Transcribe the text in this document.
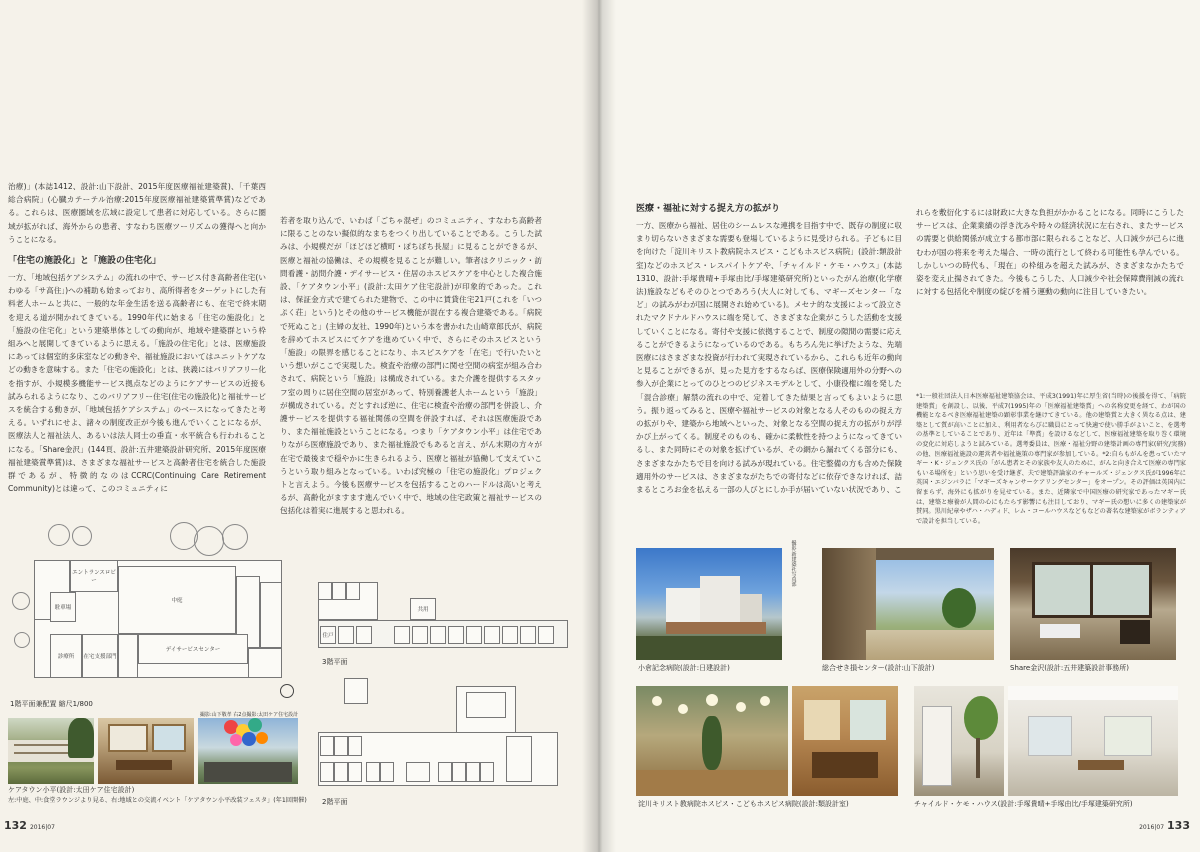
治療)」(本誌1412、設計:山下設計、2015年度医療福祉建築賞)、「千葉西総合病院」(心臓カテーテル治療:2015年度医療福祉建築賞準賞)などである。これらは、医療圏域を広域に設定して患者に対応している。さらに圏域が拡がれば、海外からの患者、すなわち医療ツーリズムの獲得へと向かうことになる。

「住宅の施設化」と「施設の住宅化」

一方、「地域包括ケアシステム」の流れの中で、サービス付き高齢者住宅(いわゆる「サ高住」)への補助も始まっており、高所得者をターゲットにした有料老人ホームと共に、一般的な年金生活を送る高齢者にも、在宅で終末期を迎える道が開かれてきている。1990年代に始まる「住宅の施設化」と「施設の住宅化」という建築単体としての動向が、地域や建築群という枠組みへと展開してきているように思える。「施設の住宅化」とは、医療施設にあっては個室的多床室などの動きや、福祉施設においてはユニットケアなどの動きを意味する。また「住宅の施設化」とは、狭義にはバリアフリー化を指すが、小規模多機能サービス拠点などのようにケアサービスの近接も試みられるようになり、このバリアフリー住宅(住宅の施設化)と福祉サービスを統合する動きが、「地域包括ケアシステム」のベースになってきたと考える。いずれにせよ、諸々の制度改正が今後も進んでいくことになるが、医療法人と福祉法人、あるいは法人同士の垂直・水平統合も行われることになる。「Share金沢」(144頁、設計:五井建築設計研究所、2015年度医療福祉建築賞準賞)は、さまざまな福祉サービスと高齢者住宅を統合した施設群であるが、特徴的なのはCCRC(Continuing Care Retirement Community)とは違って、このコミュニティに

若者を取り込んで、いわば「ごちゃ混ぜ」のコミュニティ、すなわち高齢者に限ることのない擬似的なまちをつくり出していることである。こうした試みは、小規模だが「ほどほど横町・ぽちぼち長屋」に見ることができるが、医療と福祉の協働は、その規模を見ることが難しい。筆者はクリニック・訪問看護・訪問介護・デイサービス・住居のホスピスケアを中心とした複合施設、「ケアタウン小平」(設計:太田ケア住宅設計)が印象的であった。これは、保証金方式で建てられた建物で、この中に賃貸住宅21戸(これを「いつぷく荘」という)とその他のサービス機能が混在する複合建築である。「病院で死ぬこと」(主婦の友社、1990年)という本を書かれた山崎章郎氏が、病院を辞めてホスピスにてケアを進めていく中で、さらにそのホスピスという「施設」の限界を感じることになり、ホスピスケアを「在宅」で行いたいという想いがここで実現した。検査や治療の部門に関せ空間の病室が組み合わされて、病院という「施設」は構成されている。また介護を提供するスタッフ室の周りに居住空間の居室があって、特別養護老人ホームという「施設」が構成されている。だとすれば逆に、住宅に検査や治療の部門を併設し、介護サービスを提供する福祉関係の空間を併設すれば、それは医療施設であり、また福祉施設ということになる。つまり「ケアタウン小平」は住宅でありながら医療施設であり、また福祉施設でもあると言え、がん末期の方々が在宅で最後まで穏やかに生きられるよう、医療と福祉が協働して支えていこうという取り組みとなっている。いわば究極の「住宅の施設化」プロジェクトと言えよう。今後も医療サービスを包括することのハードルは高いと考えるが、高齢化がますます進んでいく中で、地域の住宅政策と福祉サービスの包括化は着実に進展すると思われる。

エントランスロビー
中庭
診療所	在宅支援部門
デイサービスセンター
駐車場
1階平面兼配置 縮尺1/800
住戸
共用
3階平面
2階平面
撮影:山下敬孝 右2点撮影:太田ケア住宅設計
ケアタウン小平(設計:太田ケア住宅設計)
左:中庭、中:食堂ラウンジより見る、右:地域との交流イベント「ケアタウン小平改装フェスタ」(年1回開催)
132 2016|07
医療・福祉に対する捉え方の拡がり

一方、医療から福祉、居住のシームレスな連携を目指す中で、既存の制度に収まり切らないさまざまな需要も登場しているように見受けられる。子どもに目を向けた「淀川キリスト教病院ホスピス・こどもホスピス病院」(設計:類設計室)などのホスピス・レスパイトケアや、「チャイルド・ケモ・ハウス」(本誌1310、設計:手塚貴晴+手塚由比/手塚建築研究所)といったがん治療(化学療法)施設などもそのひとつであろう(大人に対しても、マギーズセンター「など」の試みがわが国に展開され始めている)。メセナ的な支援によって設立されたマクドナルドハウスに端を発して、さまざまな企業がこうした活動を支援していくことになる。寄付や支援に依拠することで、制度の隙間の需要に応えることができるようになっているのである。もちろん先に挙げたような、先端医療にはさまざまな投資が行われて実現されているから、これらも近年の動向と見ることができるが、見った見方をするならば、医療保険適用外の分野への参入が企業にとってのひとつのビジネスモデルとして、小康役権に端を発した「混合診療」解禁の流れの中で、定着してきた結果と言ってもよいように思う。振り返ってみると、医療や福祉サービスの対象となる人そのものの捉え方の拡がりや、建築から地域へといった、対象となる空間の捉え方の拡がりが浮かび上がってくる。制度そのものも、確かに柔軟性を持つようになってきているし、また同時にその対象を拡げているが、その網から漏れてくる部分にも、さまざまなかたちで目を向ける試みが現れている。住宅整備の方も含めた保険適用外のサービスは、さまざまながたちでの寄付などに依存できなければ、詰まるところお金を払える一部の人びとにしか手が届いていない状況であり、こ

れらを敷衍化するには財政に大きな負担がかかることになる。同時にこうしたサービスは、企業業績の浮き沈みや時々の経済状況に左右され、またサービスの需要と供給関係が成立する都市部に限られることなど、人口減少が己らに進むわが国の将来を考えた場合、一時の流行として終わる可能性も孕んでいる。しかしいつの時代も、「現在」の枠組みを超えた試みが、さまざまなかたちで姿を変え止揚されてきた。今後もこうした、人口減少や社会保障費削減の流れに対する包括化や制度の綻びを補う運動の動向に注目していきたい。

*1:一般社団法人日本医療福祉建築協会は、平成3(1991)年に厚生省(当時)の後援を得て、「病院建築賞」を創設し、以後、平成7(1995)年の「医療福祉建築賞」への名称変更を経て、わが国の機能となるべき医療福祉建築の顕彰事業を継けてきている。他の建築賞と大きく異なる点は、建築として質が高いことに加え、利用者ならびに職員にとって快適で使い勝手がよいこと、を選考の基準としていることであり、近年は「準賞」を設けるなどして、医療福祉建築を取り巻く環境の変化に対応しようと試みている。選考委員は、医療・福祉分野の建築計画の専門家(研究/実務)の他、医療福祉施設の運営者や福祉施策の専門家が参加している。*2:自らもがんを患っていたマギー・K・ジェンクス氏の「がん患者とその家族や友人のために、がんと向き合えて医療の専門家もいる場所を」という思いを受け継ぎ、夫で建築評論家のチャールズ・ジェンクス氏が1996年に英国・エジンバラに「マギーズキャンサーケアリングセンター」をオープン。その評価は英国内に留まらず、海外にも拡がりを見せている。また、近隣家で中国医療の研究家であったマギー氏は、建築と療養が人間の心にもたらす影響にも注目しており、マギー氏の想いに多くの建築家が賛同。黒川紀章やザハ・ハディド、レム・コールハウスなどもなどの著名な建築家がボランティアで設計を担当している。
小倉記念病院(設計:日建設計)	総合せき損センター(設計:山下設計)	Share金沢(設計:五井建築設計事務所)
淀川キリスト教病院ホスピス・こどもホスピス病院(設計:類設計室)	チャイルド・ケモ・ハウス(設計:手塚貴晴+手塚由比/手塚建築研究所)
撮影:新建築社写真部
2016|07 133
